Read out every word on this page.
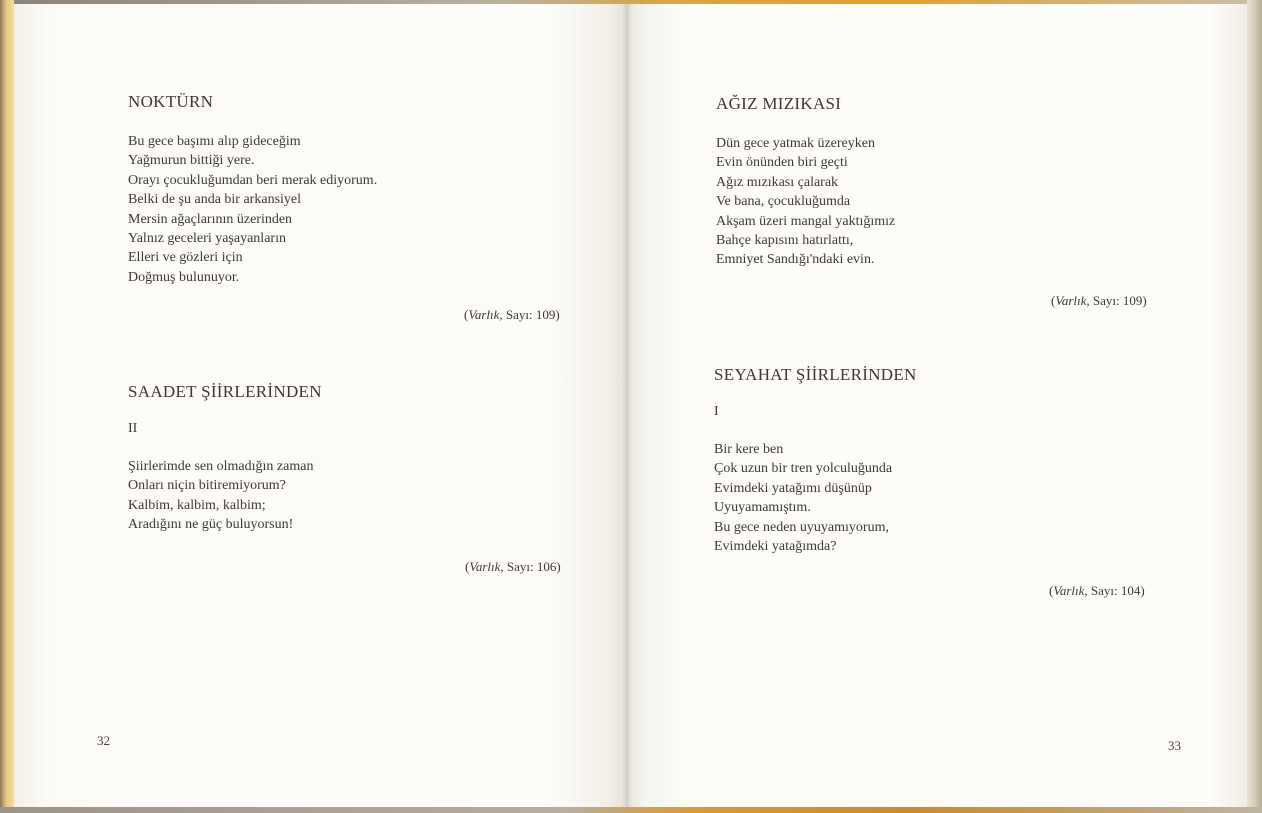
NOKTÜRN
Bu gece başımı alıp gideceğim
Yağmurun bittiği yere.
Orayı çocukluğumdan beri merak ediyorum.
Belki de şu anda bir arkansiyel
Mersin ağaçlarının üzerinden
Yalnız geceleri yaşayanların
Elleri ve gözleri için
Doğmuş bulunuyor.
(Varlık, Sayı: 109)
SAADET ŞİİRLERİNDEN
II
Şiirlerimde sen olmadığın zaman
Onları niçin bitiremiyorum?
Kalbim, kalbim, kalbim;
Aradığını ne güç buluyorsun!
(Varlık, Sayı: 106)
32
AĞIZ MIZIKASI
Dün gece yatmak üzereyken
Evin önünden biri geçti
Ağız mızıkası çalarak
Ve bana, çocukluğumda
Akşam üzeri mangal yaktığımız
Bahçe kapısını hatırlattı,
Emniyet Sandığı'ndaki evin.
(Varlık, Sayı: 109)
SEYAHAT ŞİİRLERİNDEN
I
Bir kere ben
Çok uzun bir tren yolculuğunda
Evimdeki yatağımı düşünüp
Uyuyamamıştım.
Bu gece neden uyuyamıyorum,
Evimdeki yatağımda?
(Varlık, Sayı: 104)
33
